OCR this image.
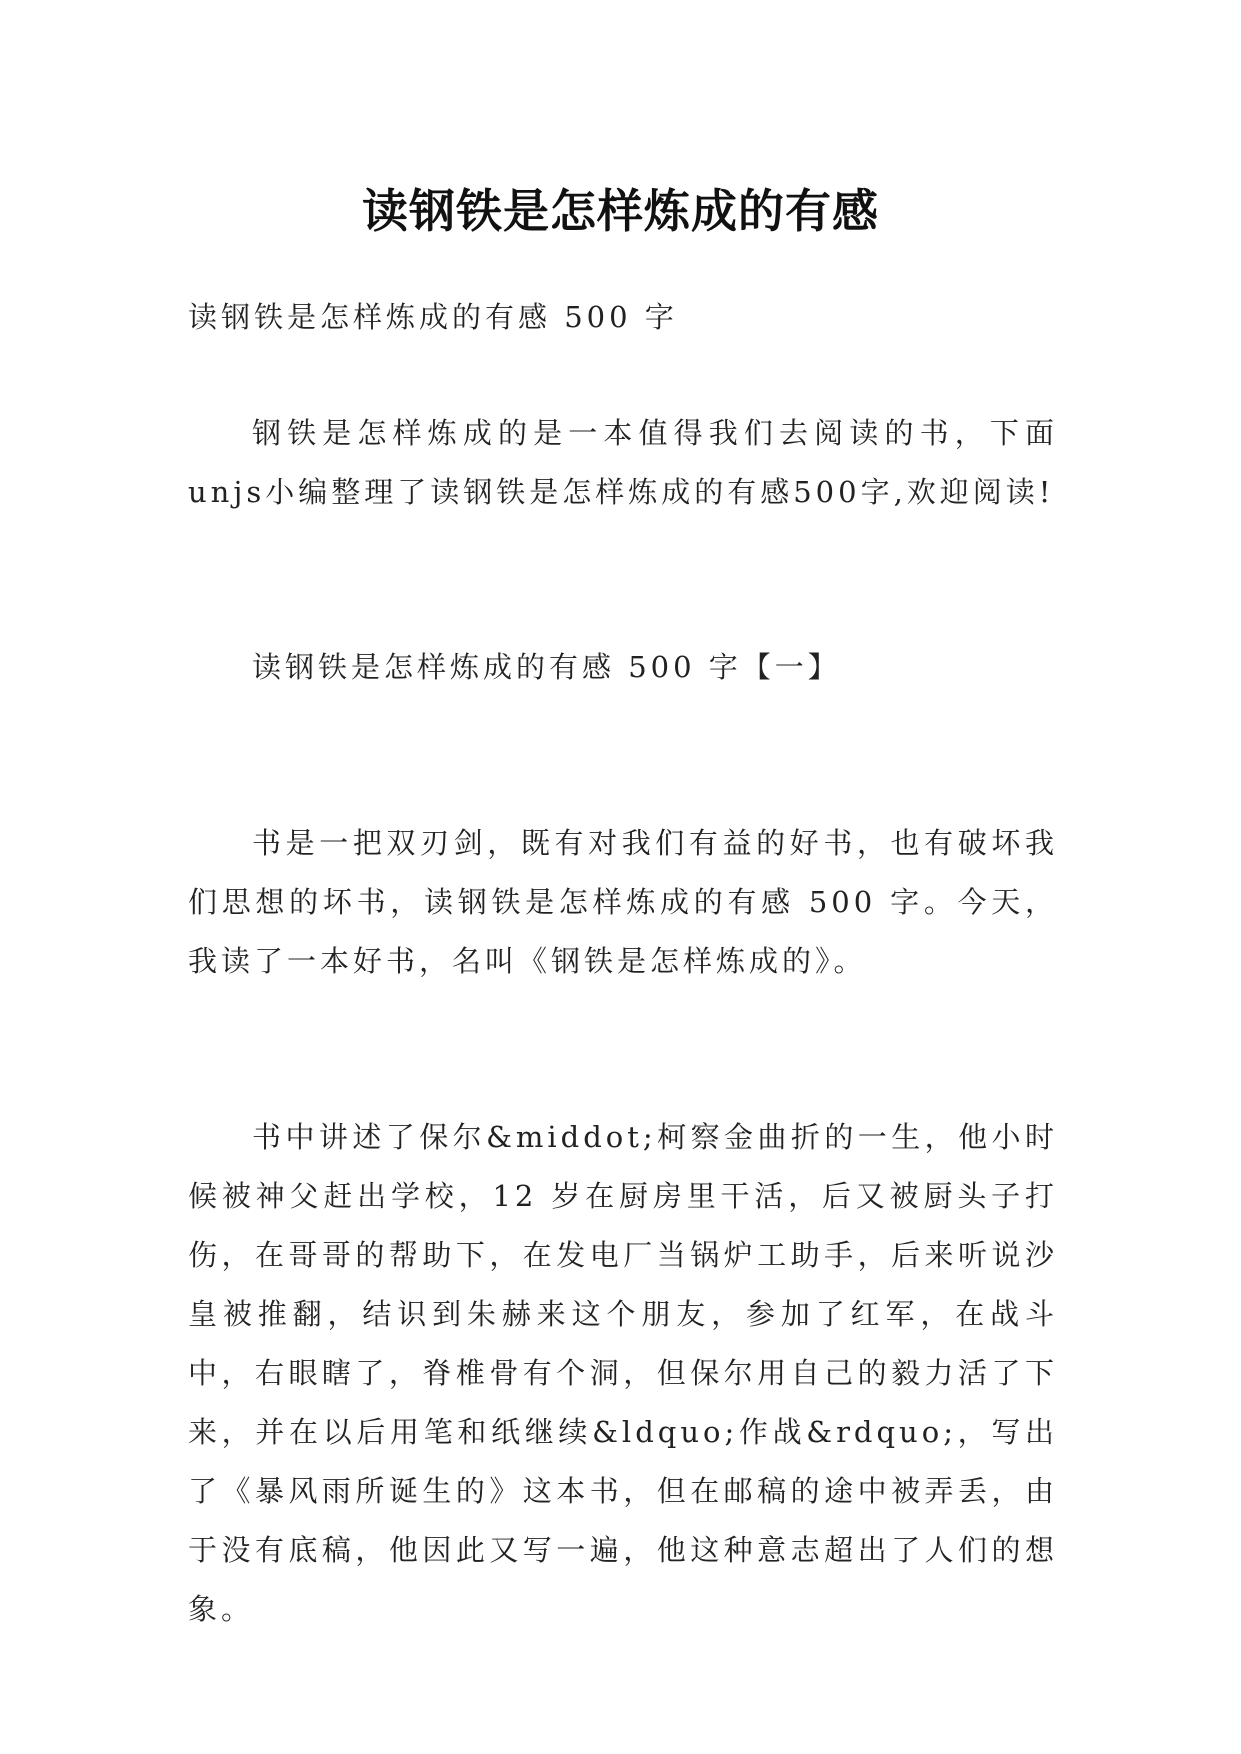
读钢铁是怎样炼成的有感

读钢铁是怎样炼成的有感 500 字

钢铁是怎样炼成的是一本值得我们去阅读的书，下面 unjs小编整理了读钢铁是怎样炼成的有感500字,欢迎阅读!

读钢铁是怎样炼成的有感 500 字【一】

书是一把双刃剑，既有对我们有益的好书，也有破坏我们思想的坏书，读钢铁是怎样炼成的有感 500 字。今天，我读了一本好书，名叫《钢铁是怎样炼成的》。

书中讲述了保尔&middot;柯察金曲折的一生，他小时候被神父赶出学校，12 岁在厨房里干活，后又被厨头子打伤，在哥哥的帮助下，在发电厂当锅炉工助手，后来听说沙皇被推翻，结识到朱赫来这个朋友，参加了红军，在战斗中，右眼瞎了，脊椎骨有个洞，但保尔用自己的毅力活了下来，并在以后用笔和纸继续&ldquo;作战&rdquo;，写出了《暴风雨所诞生的》这本书，但在邮稿的途中被弄丢，由于没有底稿，他因此又写一遍，他这种意志超出了人们的想象。
